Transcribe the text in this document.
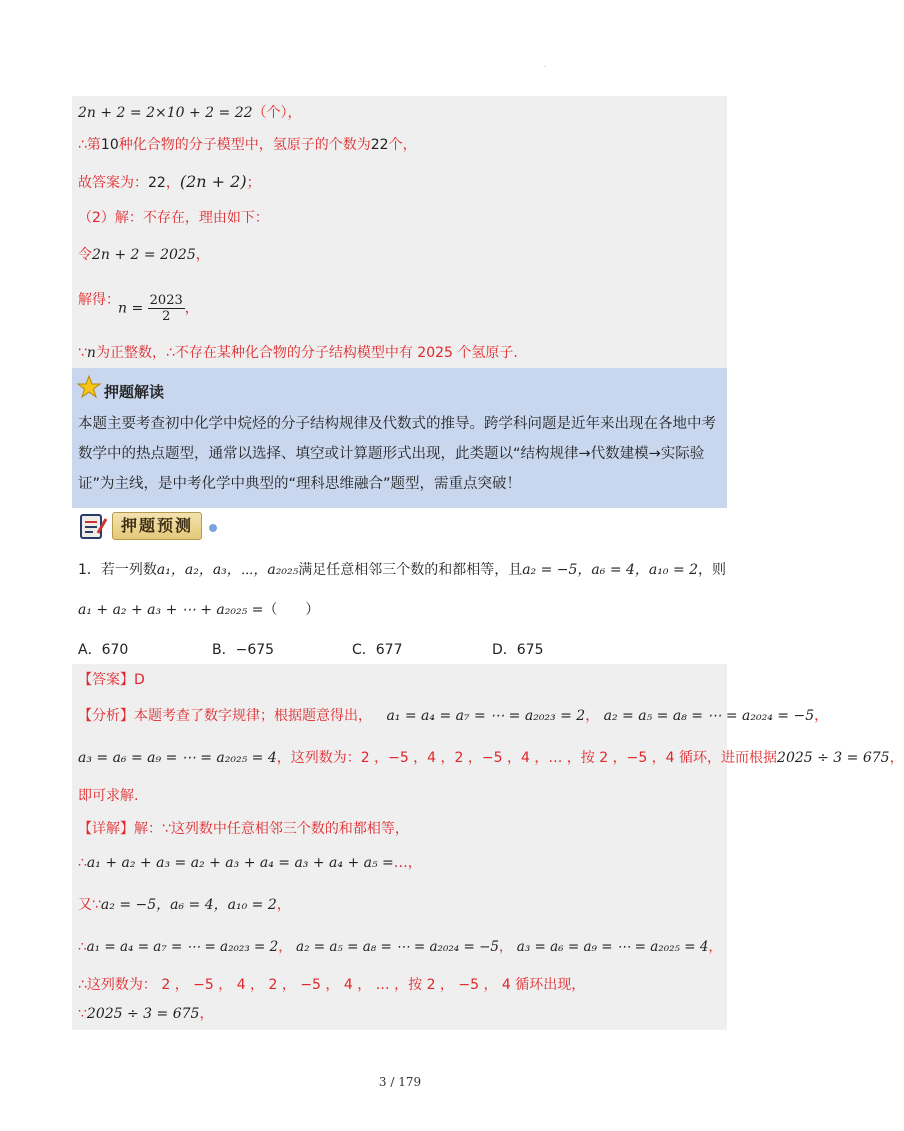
·
2n + 2 = 2×10 + 2 = 22（个），
∴第10种化合物的分子模型中，氢原子的个数为22个，
故答案为：22，(2n + 2)；
（2）解：不存在，理由如下：
令2n + 2 = 2025，
解得：
$n = \frac{2023}{2}$ ，
∵n为正整数，∴不存在某种化合物的分子结构模型中有 2025 个氢原子.
押题解读
本题主要考查初中化学中烷烃的分子结构规律及代数式的推导。跨学科问题是近年来出现在各地中考数学中的热点题型，通常以选择、填空或计算题形式出现，此类题以“结构规律→代数建模→实际验证”为主线，是中考化学中典型的“理科思维融合”题型，需重点突破！
押题预测
1．若一列数a₁，a₂，a₃，⋯，a₂₀₂₅满足任意相邻三个数的和都相等，且a₂ = −5，a₆ = 4，a₁₀ = 2，则
a₁ + a₂ + a₃ + ⋯ + a₂₀₂₅ =（　　）
A．670	B．−675	C．677	D．675
【答案】D
【分析】本题考查了数字规律；根据题意得出， a₁ = a₄ = a₇ = ⋯ = a₂₀₂₃ = 2， a₂ = a₅ = a₈ = ⋯ = a₂₀₂₄ = −5，
a₃ = a₆ = a₉ = ⋯ = a₂₀₂₅ = 4，这列数为：2 ，−5 ，4 ，2 ，−5 ，4 ，… ，按 2 ，−5 ，4 循环，进而根据2025 ÷ 3 = 675，
即可求解.
【详解】解：∵这列数中任意相邻三个数的和都相等，
∴a₁ + a₂ + a₃ = a₂ + a₃ + a₄ = a₃ + a₄ + a₅ =…，
又∵a₂ = −5，a₆ = 4，a₁₀ = 2，
∴a₁ = a₄ = a₇ = ⋯ = a₂₀₂₃ = 2， a₂ = a₅ = a₈ = ⋯ = a₂₀₂₄ = −5， a₃ = a₆ = a₉ = ⋯ = a₂₀₂₅ = 4，
∴这列数为： 2 ， −5 ， 4 ， 2 ， −5 ， 4 ， … ，按 2 ， −5 ， 4 循环出现，
∵2025 ÷ 3 = 675，
3 / 179
